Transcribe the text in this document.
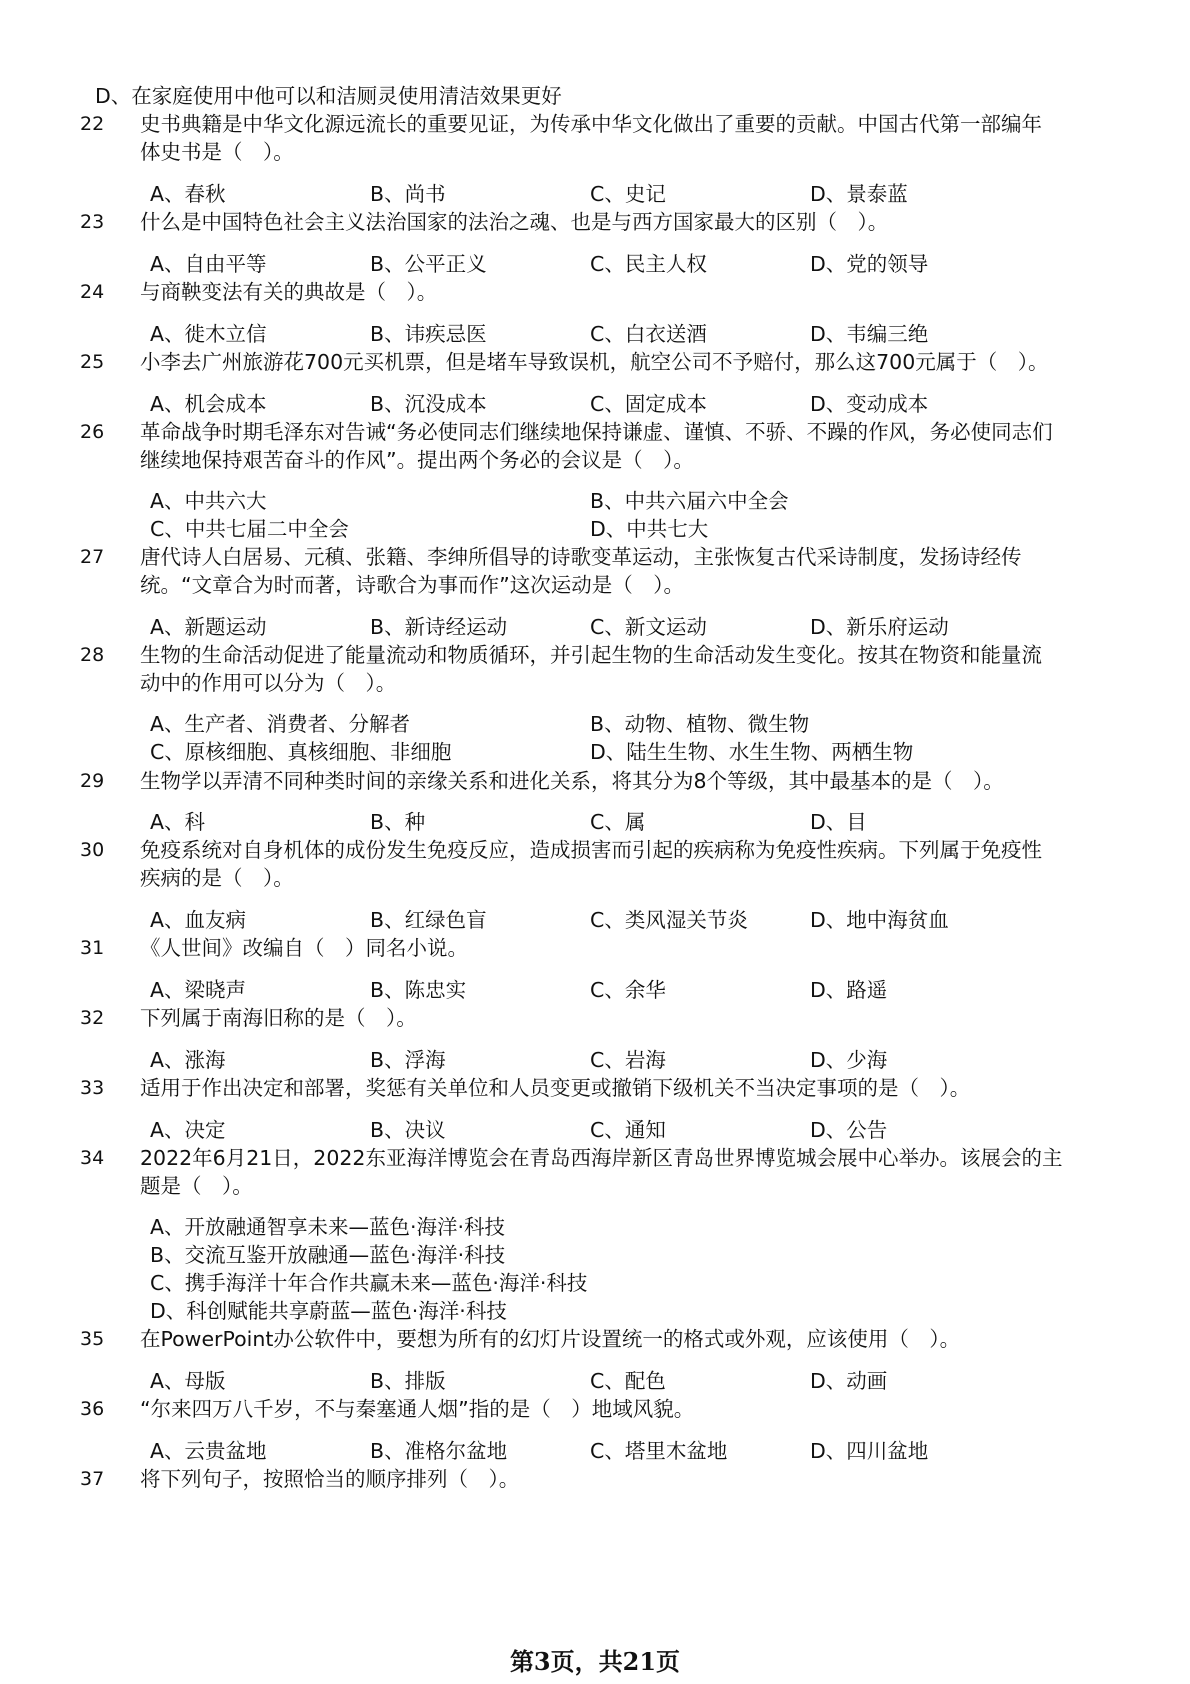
D、在家庭使用中他可以和洁厕灵使用清洁效果更好
22 史书典籍是中华文化源远流长的重要见证，为传承中华文化做出了重要的贡献。中国古代第一部编年
体史书是（　）。
A、春秋	B、尚书	C、史记	D、景泰蓝
23 什么是中国特色社会主义法治国家的法治之魂、也是与西方国家最大的区别（　）。
A、自由平等	B、公平正义	C、民主人权	D、党的领导
24 与商鞅变法有关的典故是（　）。
A、徙木立信	B、讳疾忌医	C、白衣送酒	D、韦编三绝
25 小李去广州旅游花700元买机票，但是堵车导致误机，航空公司不予赔付，那么这700元属于（　）。
A、机会成本	B、沉没成本	C、固定成本	D、变动成本
26 革命战争时期毛泽东对告诫“务必使同志们继续地保持谦虚、谨慎、不骄、不躁的作风，务必使同志们
继续地保持艰苦奋斗的作风”。提出两个务必的会议是（　）。
A、中共六大	B、中共六届六中全会
C、中共七届二中全会	D、中共七大
27 唐代诗人白居易、元稹、张籍、李绅所倡导的诗歌变革运动，主张恢复古代采诗制度，发扬诗经传
统。“文章合为时而著，诗歌合为事而作”这次运动是（　）。
A、新题运动	B、新诗经运动	C、新文运动	D、新乐府运动
28 生物的生命活动促进了能量流动和物质循环，并引起生物的生命活动发生变化。按其在物资和能量流
动中的作用可以分为（　）。
A、生产者、消费者、分解者	B、动物、植物、微生物
C、原核细胞、真核细胞、非细胞	D、陆生生物、水生生物、两栖生物
29 生物学以弄清不同种类时间的亲缘关系和进化关系，将其分为8个等级，其中最基本的是（　）。
A、科	B、种	C、属	D、目
30 免疫系统对自身机体的成份发生免疫反应，造成损害而引起的疾病称为免疫性疾病。下列属于免疫性
疾病的是（　）。
A、血友病	B、红绿色盲	C、类风湿关节炎	D、地中海贫血
31 《人世间》改编自（　）同名小说。
A、梁晓声	B、陈忠实	C、余华	D、路遥
32 下列属于南海旧称的是（　）。
A、涨海	B、浮海	C、岩海	D、少海
33 适用于作出决定和部署，奖惩有关单位和人员变更或撤销下级机关不当决定事项的是（　）。
A、决定	B、决议	C、通知	D、公告
34 2022年6月21日，2022东亚海洋博览会在青岛西海岸新区青岛世界博览城会展中心举办。该展会的主
题是（　）。
A、开放融通智享未来—蓝色·海洋·科技
B、交流互鉴开放融通—蓝色·海洋·科技
C、携手海洋十年合作共赢未来—蓝色·海洋·科技
D、科创赋能共享蔚蓝—蓝色·海洋·科技
35 在PowerPoint办公软件中，要想为所有的幻灯片设置统一的格式或外观，应该使用（　）。
A、母版	B、排版	C、配色	D、动画
36 “尔来四万八千岁，不与秦塞通人烟”指的是（　）地域风貌。
A、云贵盆地	B、准格尔盆地	C、塔里木盆地	D、四川盆地
37 将下列句子，按照恰当的顺序排列（　）。
第3页，共21页
